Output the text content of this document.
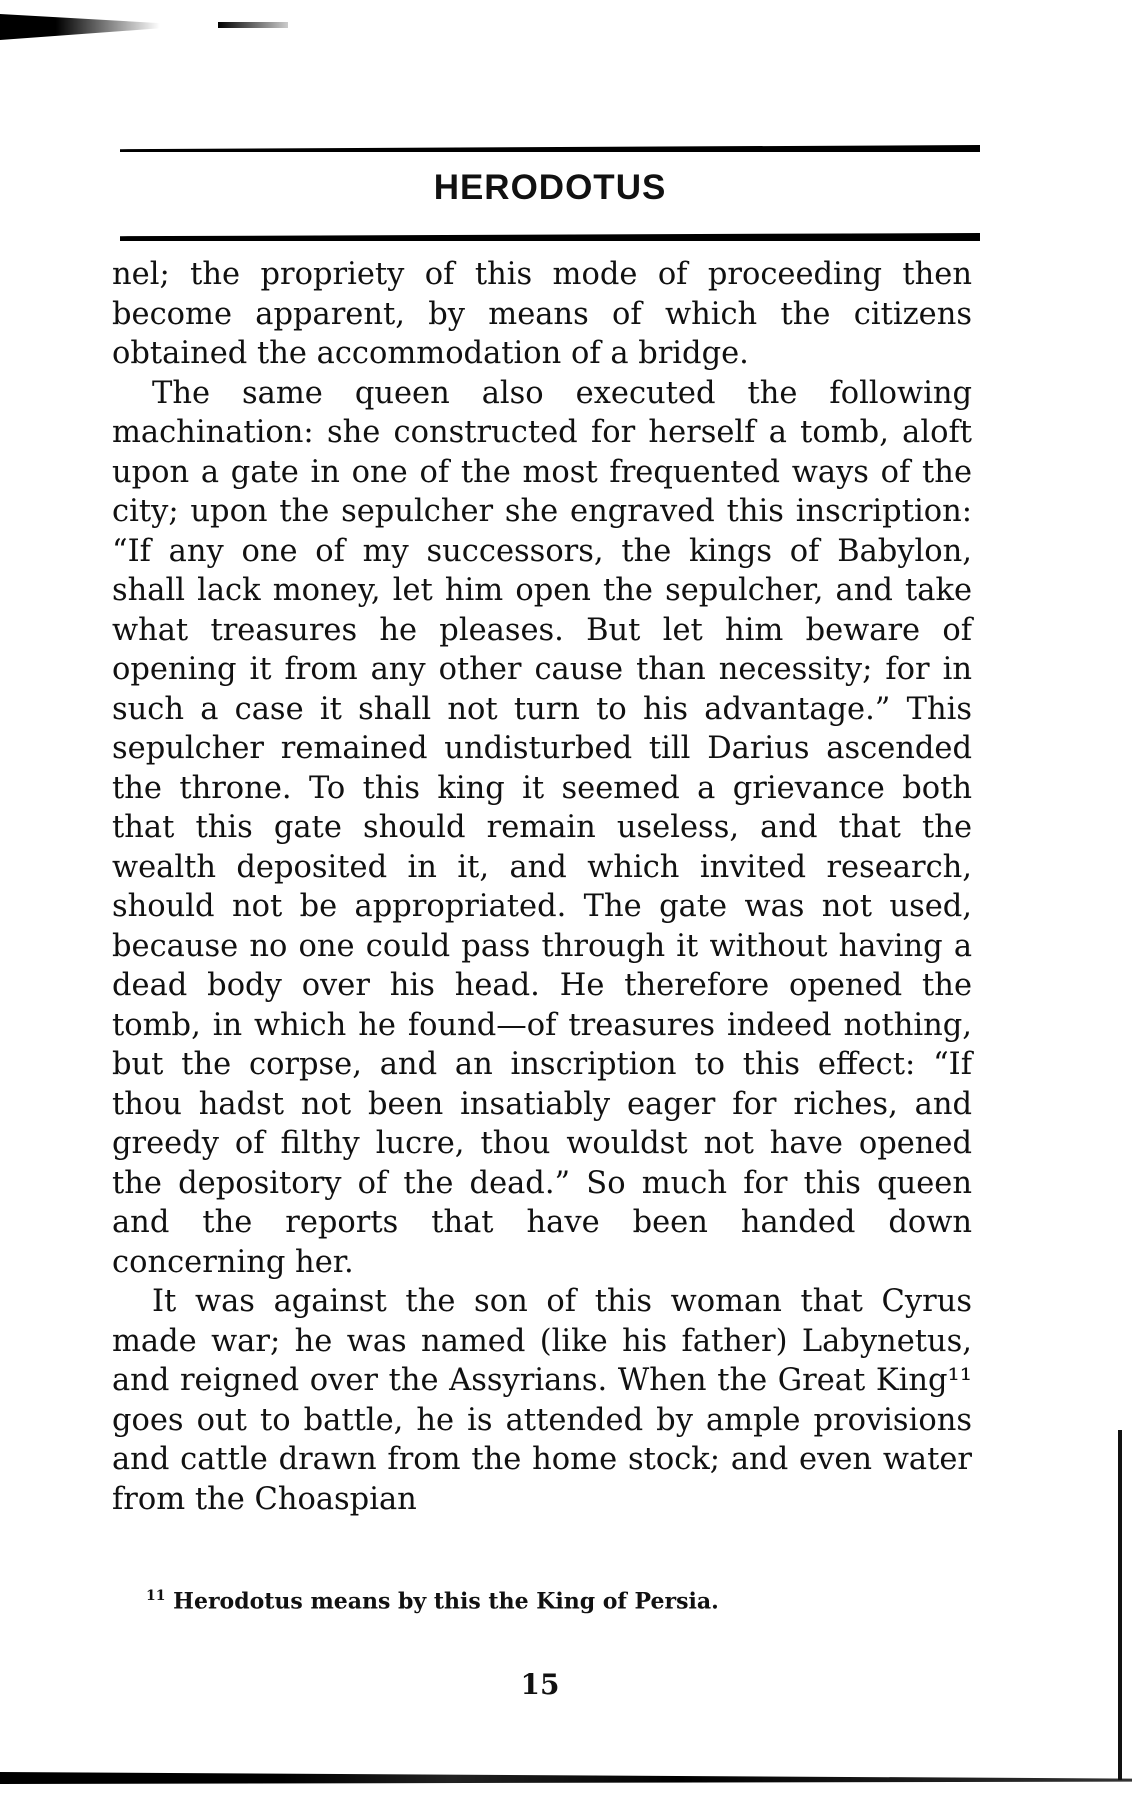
HERODOTUS

nel; the propriety of this mode of proceeding then become apparent, by means of which the citizens obtained the accommodation of a bridge.

The same queen also executed the following machination: she constructed for herself a tomb, aloft upon a gate in one of the most frequented ways of the city; upon the sepulcher she engraved this inscription: “If any one of my successors, the kings of Babylon, shall lack money, let him open the sepulcher, and take what treasures he pleases. But let him beware of opening it from any other cause than necessity; for in such a case it shall not turn to his advantage.” This sepulcher remained undisturbed till Darius ascended the throne. To this king it seemed a grievance both that this gate should remain useless, and that the wealth deposited in it, and which invited research, should not be appropriated. The gate was not used, because no one could pass through it without having a dead body over his head. He therefore opened the tomb, in which he found—of treasures indeed nothing, but the corpse, and an inscription to this effect: “If thou hadst not been insatiably eager for riches, and greedy of filthy lucre, thou wouldst not have opened the depository of the dead.” So much for this queen and the reports that have been handed down concerning her.

It was against the son of this woman that Cyrus made war; he was named (like his father) Labynetus, and reigned over the Assyrians. When the Great King¹¹ goes out to battle, he is attended by ample provisions and cattle drawn from the home stock; and even water from the Choaspian

$^{11}$ Herodotus means by this the King of Persia.
15
